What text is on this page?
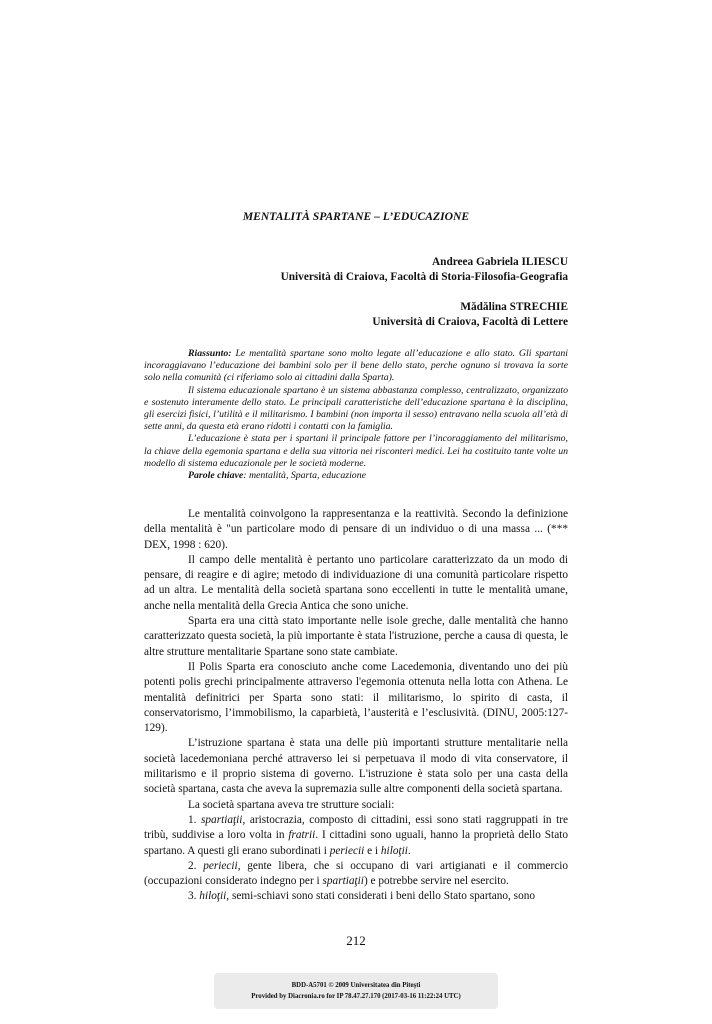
MENTALITÀ SPARTANE – L’EDUCAZIONE
Andreea Gabriela ILIESCU
Università di Craiova, Facoltà di Storia-Filosofia-Geografia
Mădălina STRECHIE
Università di Craiova, Facoltà di Lettere

Riassunto: Le mentalità spartane sono molto legate all’educazione e allo stato. Gli spartani incoraggiavano l’educazione dei bambini solo per il bene dello stato, perche ognuno si trovava la sorte solo nella comunità (ci riferiamo solo ai cittadini dalla Sparta).

Il sistema educazionale spartano è un sistema abbastanza complesso, centralizzato, organizzato e sostenuto interamente dello stato. Le principali caratteristiche dell’educazione spartana è la disciplina, gli esercizi fisici, l’utilità e il militarismo. I bambini (non importa il sesso) entravano nella scuola all’età di sette anni, da questa età erano ridotti i contatti con la famiglia.

L’educazione è stata per i spartani il principale fattore per l’incoraggiamento del militarismo, la chiave della egemonia spartana e della sua vittoria nei risconteri medici. Lei ha costituito tante volte un modello di sistema educazionale per le società moderne.

Parole chiave: mentalità, Sparta, educazione

Le mentalità coinvolgono la rappresentanza e la reattività. Secondo la definizione della mentalità è "un particolare modo di pensare di un individuo o di una massa ... (*** DEX, 1998 : 620).

Il campo delle mentalità è pertanto uno particolare caratterizzato da un modo di pensare, di reagire e di agire; metodo di individuazione di una comunità particolare rispetto ad un altra. Le mentalità della società spartana sono eccellenti in tutte le mentalità umane, anche nella mentalità della Grecia Antica che sono uniche.

Sparta era una città stato importante nelle isole greche, dalle mentalità che hanno caratterizzato questa società, la più importante è stata l'istruzione, perche a causa di questa, le altre strutture mentalitarie Spartane sono state cambiate.

Il Polis Sparta era conosciuto anche come Lacedemonia, diventando uno dei più potenti polis grechi principalmente attraverso l'egemonia ottenuta nella lotta con Athena. Le mentalità definitrici per Sparta sono stati: il militarismo, lo spirito di casta, il conservatorismo, l’immobilismo, la caparbietà, l’austerità e l’esclusività. (DINU, 2005:127-129).

L’istruzione spartana è stata una delle più importanti strutture mentalitarie nella società lacedemoniana perché attraverso lei si perpetuava il modo di vita conservatore, il militarismo e il proprio sistema di governo. L'istruzione è stata solo per una casta della società spartana, casta che aveva la supremazia sulle altre componenti della società spartana.

La società spartana aveva tre strutture sociali:

1. spartiaţii, aristocrazia, composto di cittadini, essi sono stati raggruppati in tre tribù, suddivise a loro volta in fratrii. I cittadini sono uguali, hanno la proprietà dello Stato spartano. A questi gli erano subordinati i periecii e i hiloţii.

2. periecii, gente libera, che si occupano di vari artigianati e il commercio (occupazioni considerato indegno per i spartiaţii) e potrebbe servire nel esercito.

3. hiloţii, semi-schiavi sono stati considerati i beni dello Stato spartano, sono

212
BDD-A5701 © 2009 Universitatea din Piteşti
Provided by Diacronia.ro for IP 78.47.27.170 (2017-03-16 11:22:24 UTC)
